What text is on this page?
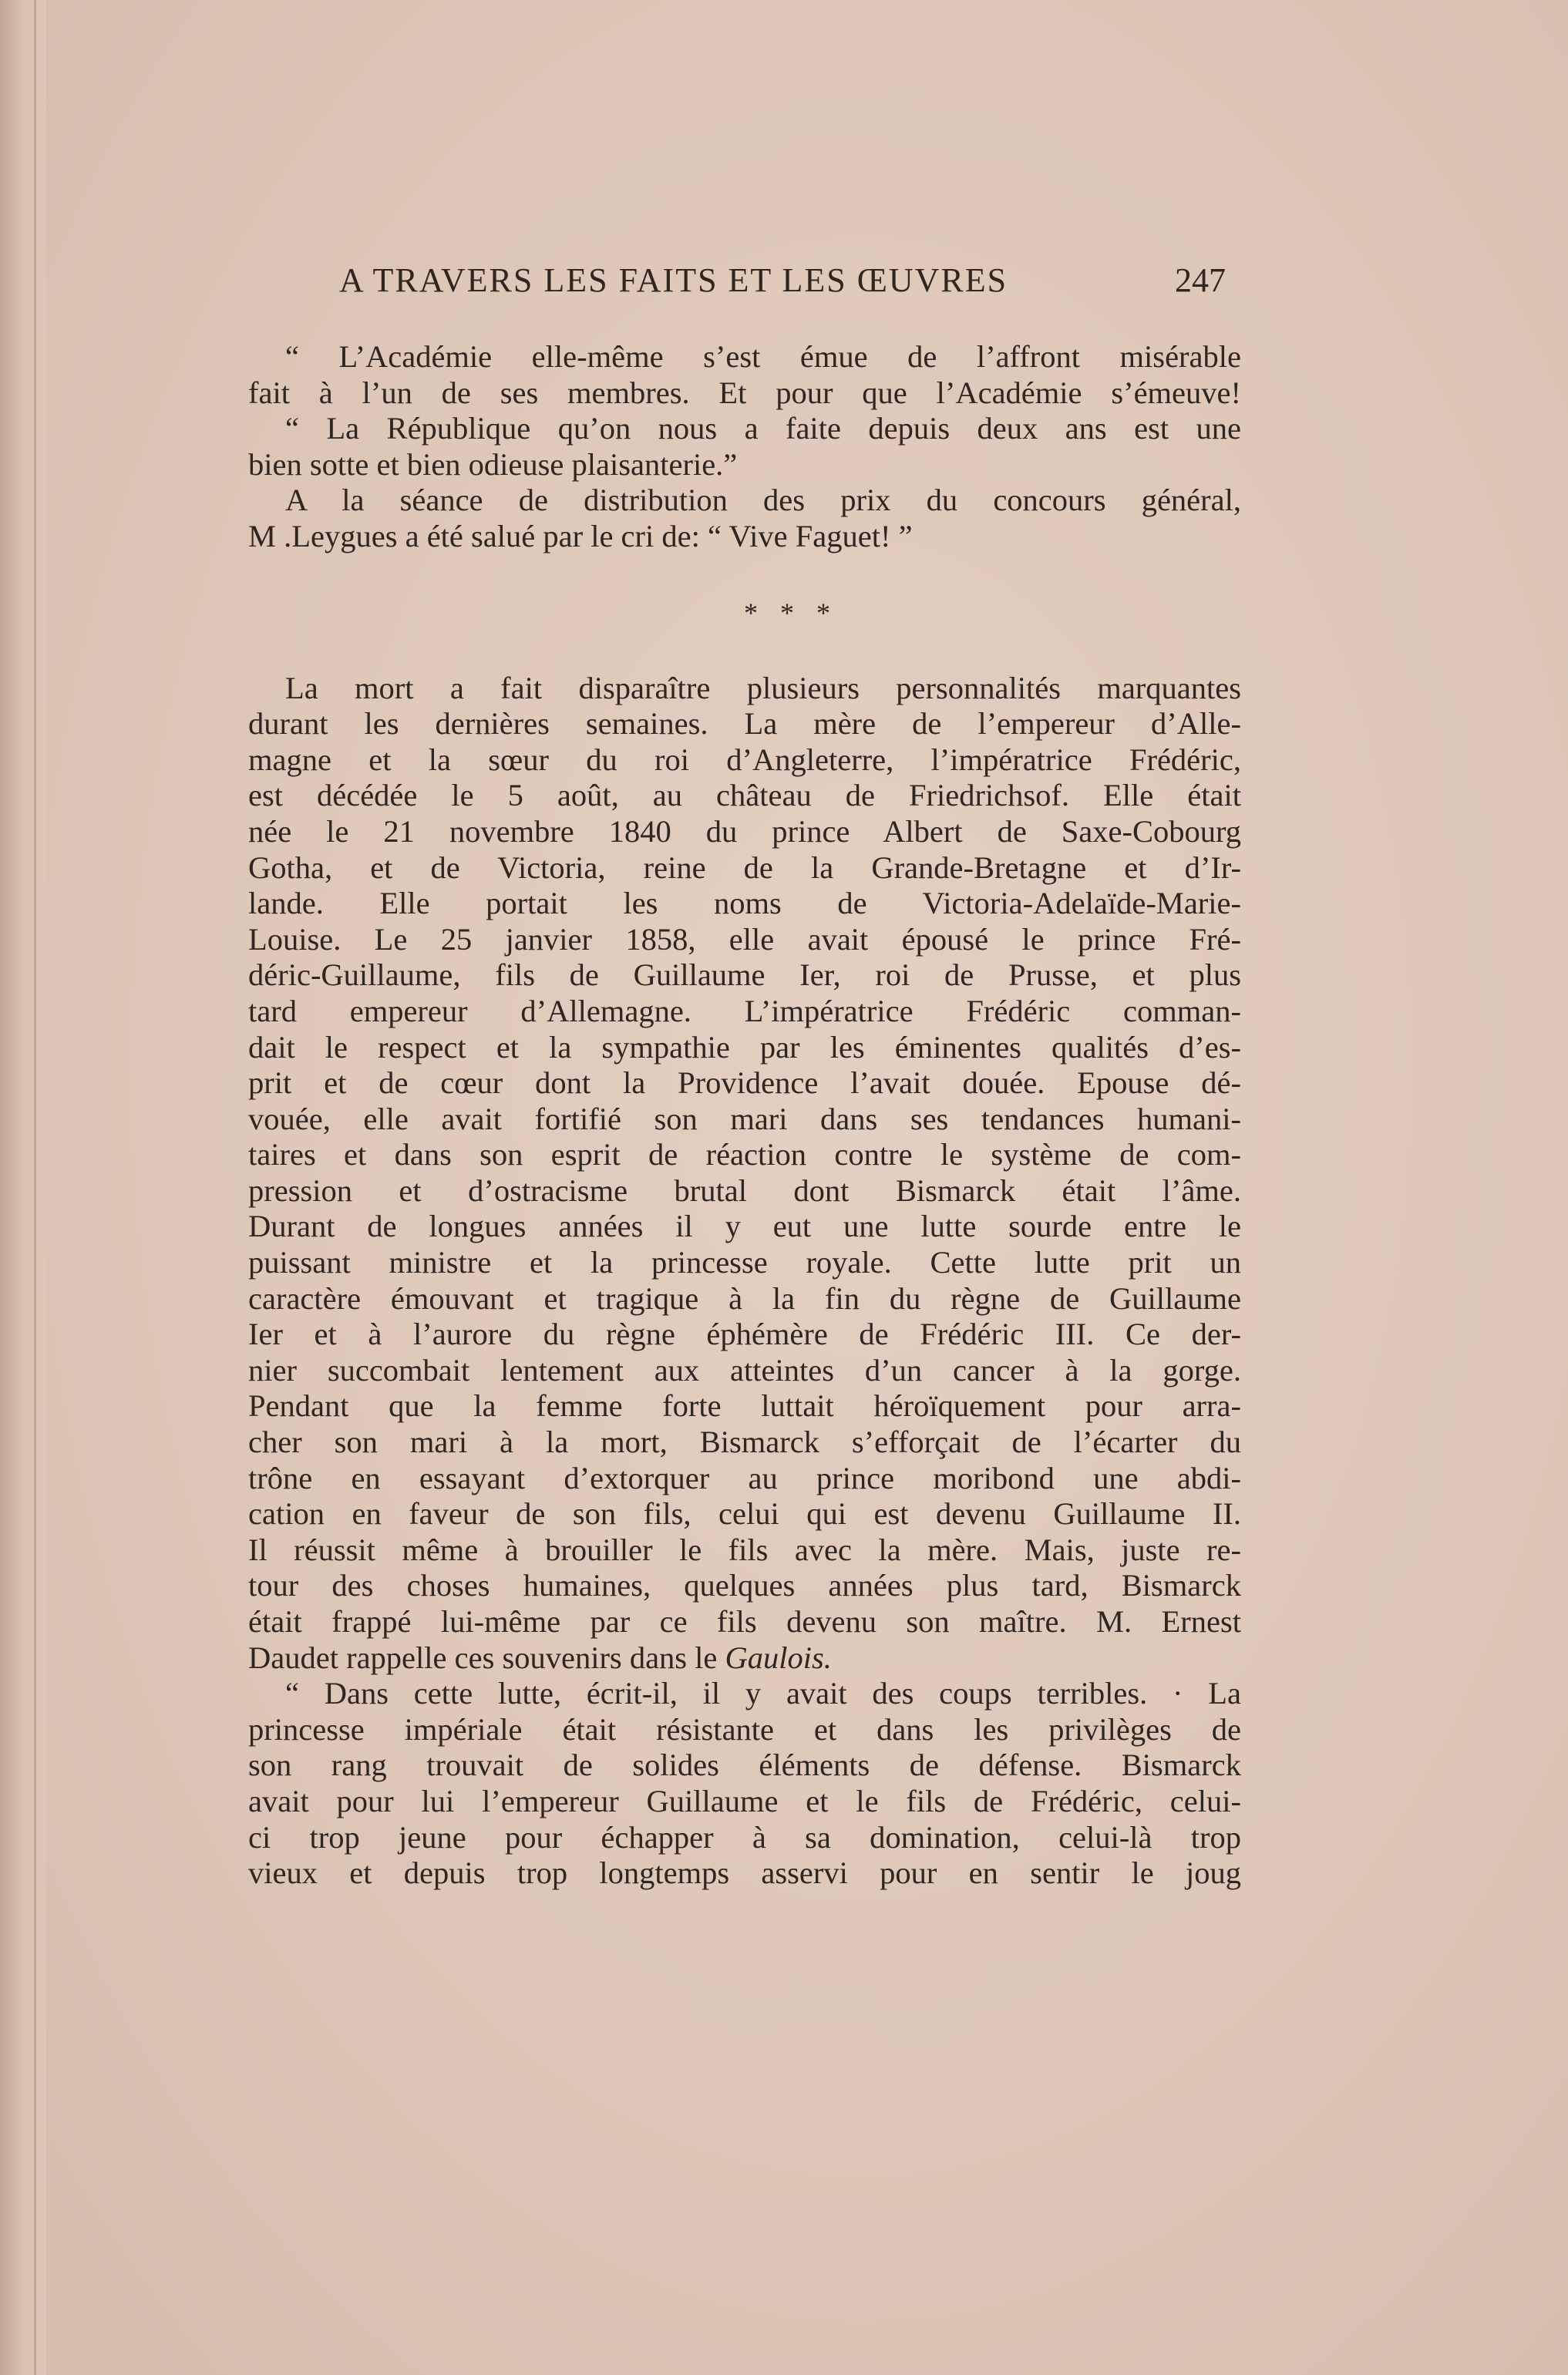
A TRAVERS LES FAITS ET LES ŒUVRES	247
“ L’Académie elle-même s’est émue de l’affront misérable
fait à l’un de ses membres. Et pour que l’Académie s’émeuve!
“ La République qu’on nous a faite depuis deux ans est une
bien sotte et bien odieuse plaisanterie.”
A la séance de distribution des prix du concours général,
M .Leygues a été salué par le cri de: “ Vive Faguet! ”
* * *
La mort a fait disparaître plusieurs personnalités marquantes
durant les dernières semaines. La mère de l’empereur d’Alle-
magne et la sœur du roi d’Angleterre, l’impératrice Frédéric,
est décédée le 5 août, au château de Friedrichsof. Elle était
née le 21 novembre 1840 du prince Albert de Saxe-Cobourg
Gotha, et de Victoria, reine de la Grande-Bretagne et d’Ir-
lande. Elle portait les noms de Victoria-Adelaïde-Marie-
Louise. Le 25 janvier 1858, elle avait épousé le prince Fré-
déric-Guillaume, fils de Guillaume Ier, roi de Prusse, et plus
tard empereur d’Allemagne. L’impératrice Frédéric comman-
dait le respect et la sympathie par les éminentes qualités d’es-
prit et de cœur dont la Providence l’avait douée. Epouse dé-
vouée, elle avait fortifié son mari dans ses tendances humani-
taires et dans son esprit de réaction contre le système de com-
pression et d’ostracisme brutal dont Bismarck était l’âme.
Durant de longues années il y eut une lutte sourde entre le
puissant ministre et la princesse royale. Cette lutte prit un
caractère émouvant et tragique à la fin du règne de Guillaume
Ier et à l’aurore du règne éphémère de Frédéric III. Ce der-
nier succombait lentement aux atteintes d’un cancer à la gorge.
Pendant que la femme forte luttait héroïquement pour arra-
cher son mari à la mort, Bismarck s’efforçait de l’écarter du
trône en essayant d’extorquer au prince moribond une abdi-
cation en faveur de son fils, celui qui est devenu Guillaume II.
Il réussit même à brouiller le fils avec la mère. Mais, juste re-
tour des choses humaines, quelques années plus tard, Bismarck
était frappé lui-même par ce fils devenu son maître. M. Ernest
Daudet rappelle ces souvenirs dans le Gaulois.
“ Dans cette lutte, écrit-il, il y avait des coups terribles. · La
princesse impériale était résistante et dans les privilèges de
son rang trouvait de solides éléments de défense. Bismarck
avait pour lui l’empereur Guillaume et le fils de Frédéric, celui-
ci trop jeune pour échapper à sa domination, celui-là trop
vieux et depuis trop longtemps asservi pour en sentir le joug
